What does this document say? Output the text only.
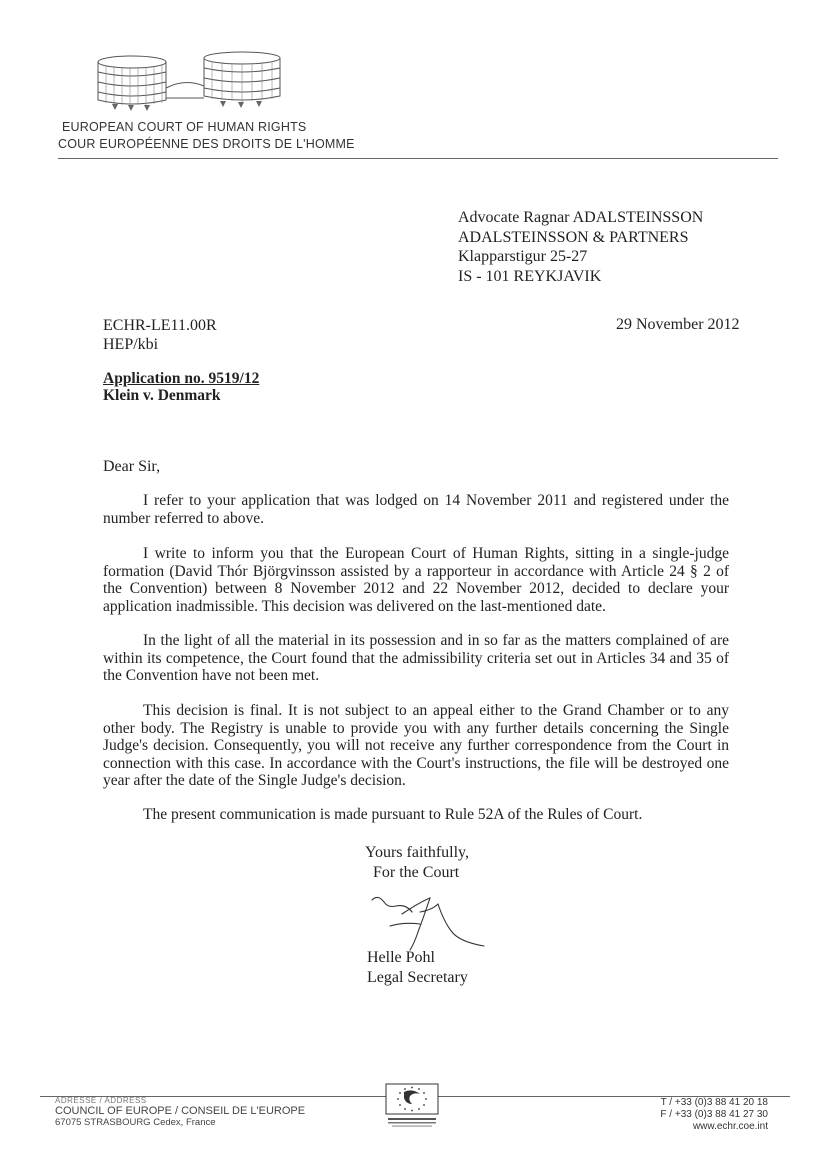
EUROPEAN COURT OF HUMAN RIGHTS
COUR EUROPÉENNE DES DROITS DE L'HOMME
Advocate Ragnar ADALSTEINSSON
ADALSTEINSSON & PARTNERS
Klapparstigur 25-27
IS - 101 REYKJAVIK
ECHR-LE11.00R
HEP/kbi
29 November 2012
Application no. 9519/12
Klein v. Denmark
Dear Sir,

I refer to your application that was lodged on 14 November 2011 and registered under the number referred to above.

I write to inform you that the European Court of Human Rights, sitting in a single-judge formation (David Thór Björgvinsson assisted by a rapporteur in accordance with Article 24 § 2 of the Convention) between 8 November 2012 and 22 November 2012, decided to declare your application inadmissible. This decision was delivered on the last-mentioned date.

In the light of all the material in its possession and in so far as the matters complained of are within its competence, the Court found that the admissibility criteria set out in Articles 34 and 35 of the Convention have not been met.

This decision is final. It is not subject to an appeal either to the Grand Chamber or to any other body. The Registry is unable to provide you with any further details concerning the Single Judge's decision. Consequently, you will not receive any further correspondence from the Court in connection with this case. In accordance with the Court's instructions, the file will be destroyed one year after the date of the Single Judge's decision.

The present communication is made pursuant to Rule 52A of the Rules of Court.

Yours faithfully,
For the Court
Helle Pohl
Legal Secretary
ADRESSE / ADDRESS
COUNCIL OF EUROPE / CONSEIL DE L'EUROPE
67075 STRASBOURG Cedex, France
T / +33 (0)3 88 41 20 18
F / +33 (0)3 88 41 27 30
www.echr.coe.int
